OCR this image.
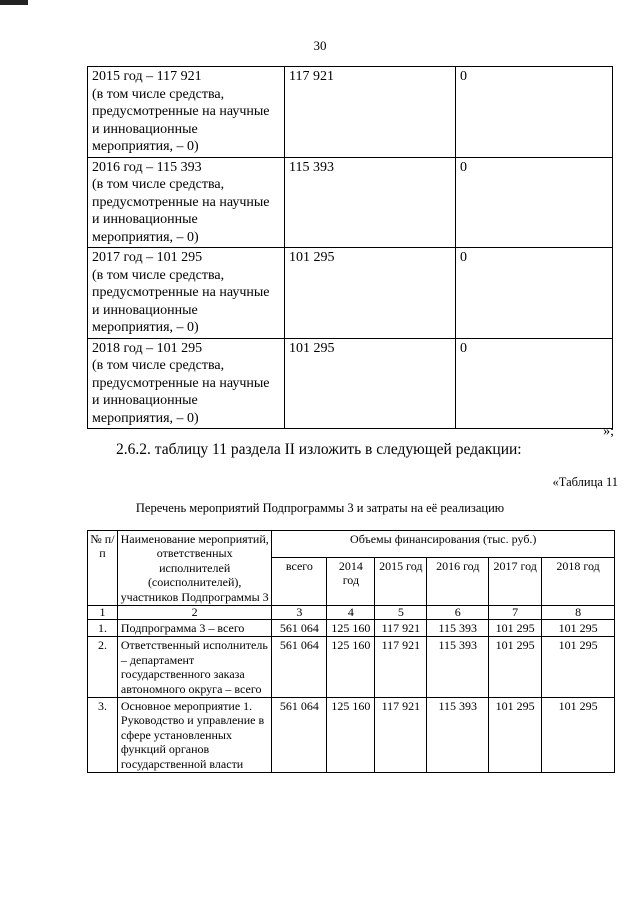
30
2015 год – 117 921
(в том числе средства, предусмотренные на научные и инновационные мероприятия, – 0)	117 921	0

2016 год – 115 393
(в том числе средства, предусмотренные на научные и инновационные мероприятия, – 0)	115 393	0

2017 год – 101 295
(в том числе средства, предусмотренные на научные и инновационные мероприятия, – 0)	101 295	0

2018 год – 101 295
(в том числе средства, предусмотренные на научные и инновационные мероприятия, – 0)	101 295	0
»;
2.6.2. таблицу 11 раздела II изложить в следующей редакции:
«Таблица 11
Перечень мероприятий Подпрограммы 3 и затраты на её реализацию
№ п/п	Наименование мероприятий, ответственных исполнителей (соисполнителей), участников Подпрограммы 3	Объемы финансирования (тыс. руб.)					
		всего	2014 год	2015 год	2016 год	2017 год	2018 год
1	2	3	4	5	6	7	8
1.	Подпрограмма 3 – всего	561 064	125 160	117 921	115 393	101 295	101 295
2.	Ответственный исполнитель – департамент государственного заказа автономного округа – всего	561 064	125 160	117 921	115 393	101 295	101 295
3.	Основное мероприятие 1. Руководство и управление в сфере установленных функций органов государственной власти	561 064	125 160	117 921	115 393	101 295	101 295
